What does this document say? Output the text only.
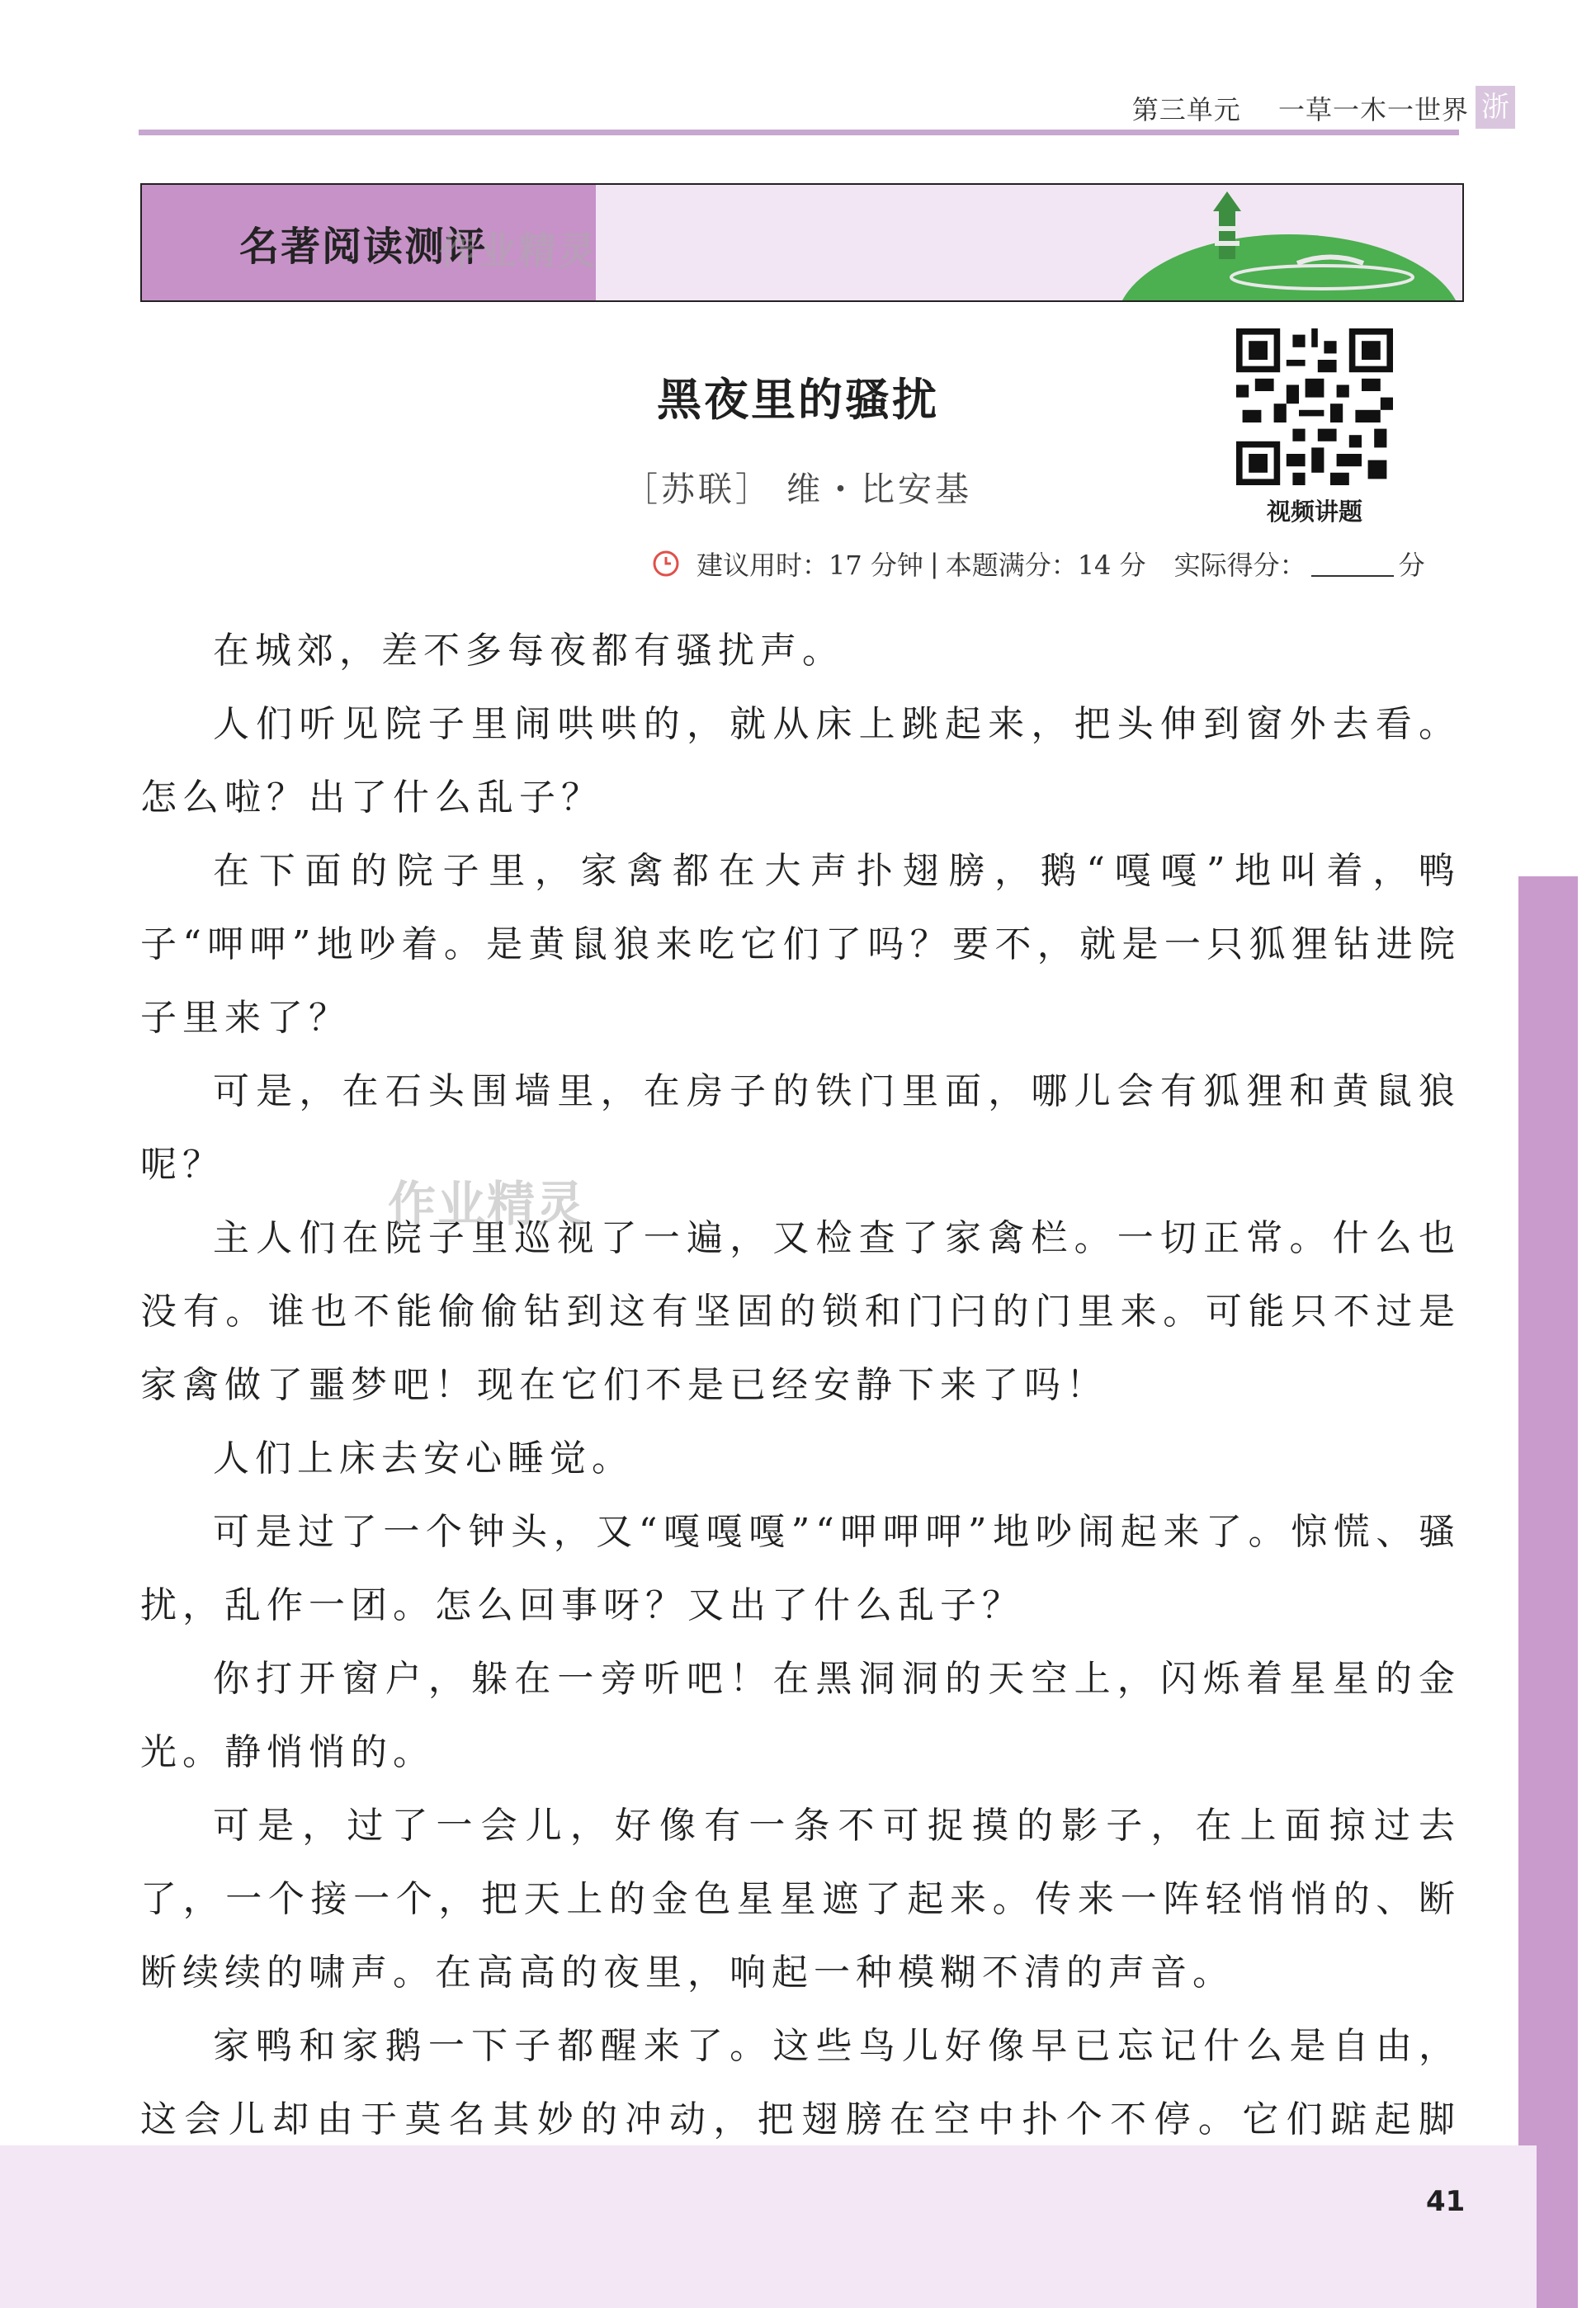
第三单元 一草一木一世界 浙
名著阅读测评
作业精灵
视频讲题
黑夜里的骚扰
［苏联］ 维・比安基
建议用时：17 分钟 | 本题满分：14 分 实际得分：	分

在城郊，差不多每夜都有骚扰声。

人们听见院子里闹哄哄的，就从床上跳起来，把头伸到窗外去看。怎么啦？出了什么乱子？

在下面的院子里，家禽都在大声扑翅膀，鹅“嘎嘎”地叫着，鸭子“呷呷”地吵着。是黄鼠狼来吃它们了吗？要不，就是一只狐狸钻进院子里来了？

可是，在石头围墙里，在房子的铁门里面，哪儿会有狐狸和黄鼠狼呢？

主人们在院子里巡视了一遍，又检查了家禽栏。一切正常。什么也没有。谁也不能偷偷钻到这有坚固的锁和门闩的门里来。可能只不过是家禽做了噩梦吧！现在它们不是已经安静下来了吗！

人们上床去安心睡觉。

可是过了一个钟头，又“嘎嘎嘎”“呷呷呷”地吵闹起来了。惊慌、骚扰，乱作一团。怎么回事呀？又出了什么乱子？

你打开窗户，躲在一旁听吧！在黑洞洞的天空上，闪烁着星星的金光。静悄悄的。

可是，过了一会儿，好像有一条不可捉摸的影子，在上面掠过去了，一个接一个，把天上的金色星星遮了起来。传来一阵轻悄悄的、断断续续的啸声。在高高的夜里，响起一种模糊不清的声音。

家鸭和家鹅一下子都醒来了。这些鸟儿好像早已忘记什么是自由，这会儿却由于莫名其妙的冲动，把翅膀在空中扑个不停。它们踮起脚

作业精灵
41
